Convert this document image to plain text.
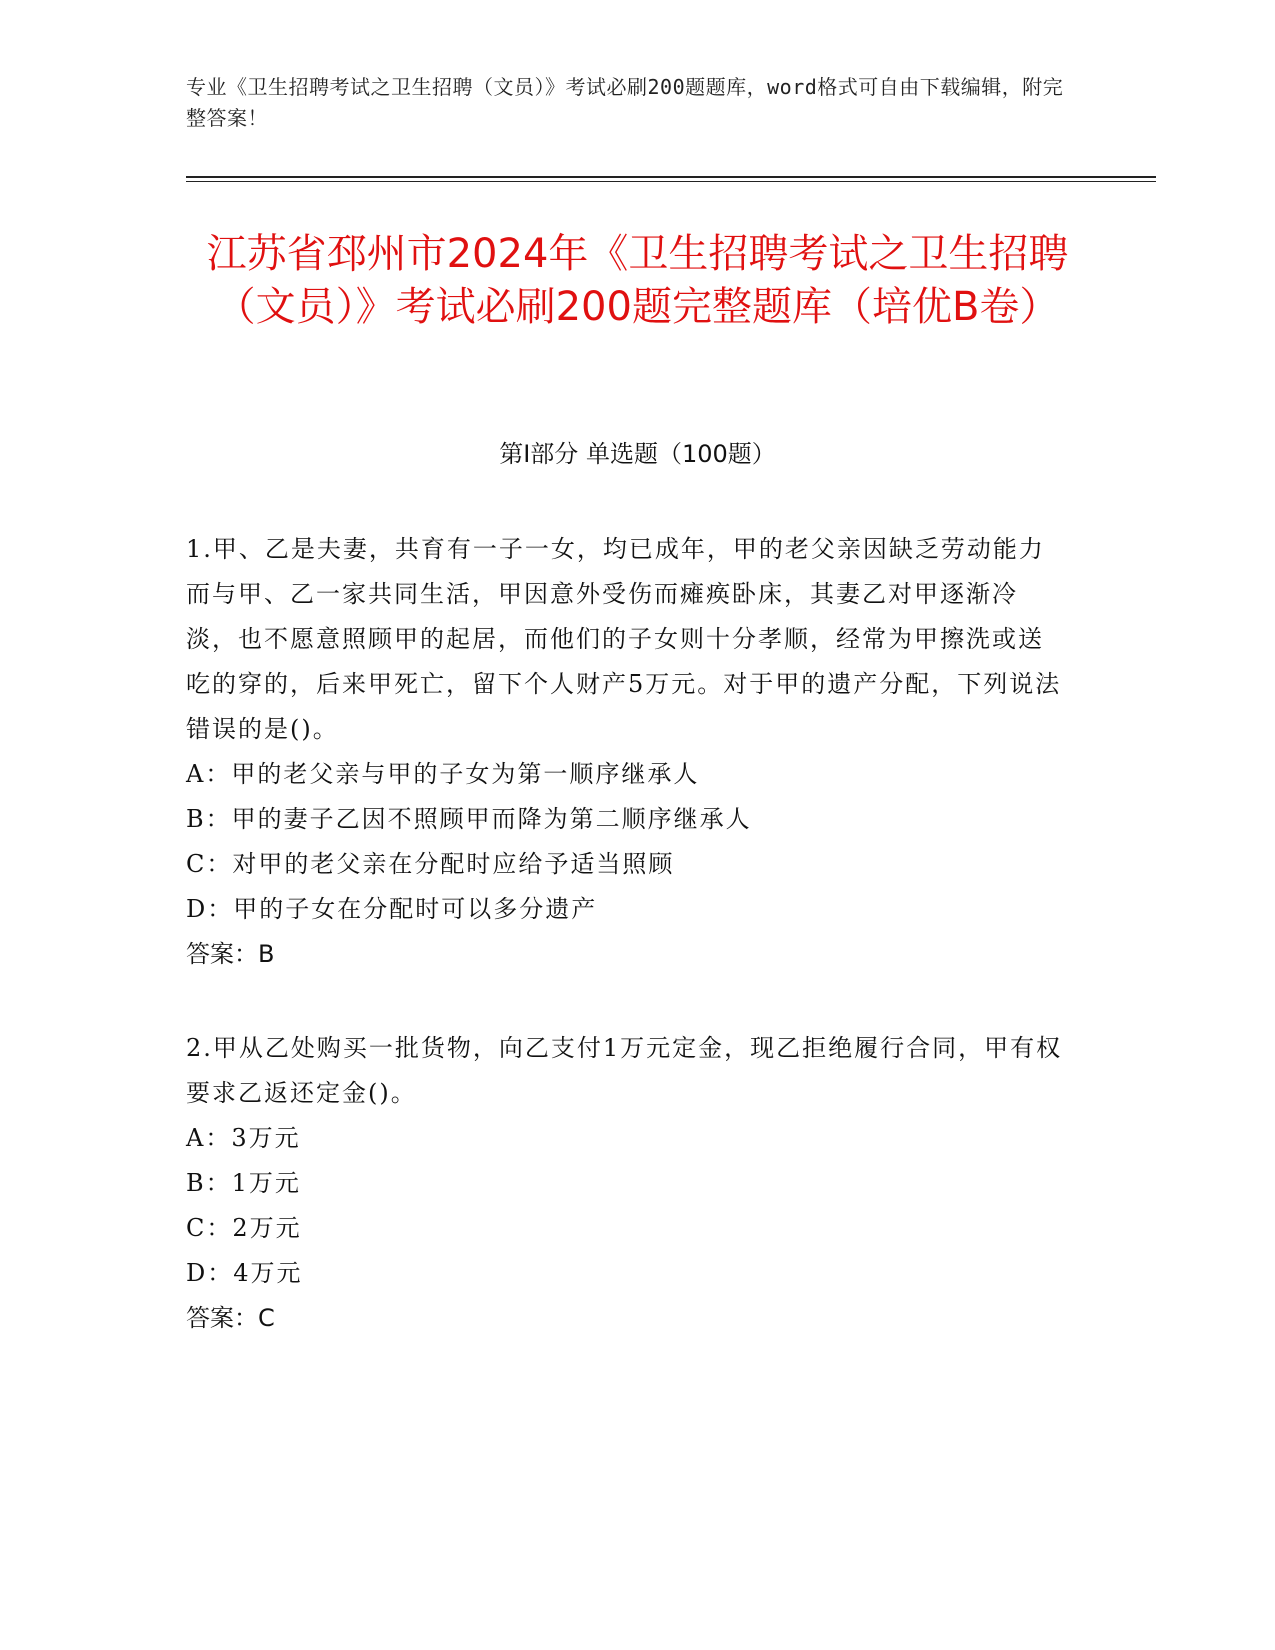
专业《卫生招聘考试之卫生招聘（文员）》考试必刷200题题库，word格式可自由下载编辑，附完整答案！
江苏省邳州市2024年《卫生招聘考试之卫生招聘（文员）》考试必刷200题完整题库（培优B卷）
第Ⅰ部分 单选题（100题）
1.甲、乙是夫妻，共育有一子一女，均已成年，甲的老父亲因缺乏劳动能力而与甲、乙一家共同生活，甲因意外受伤而瘫痪卧床，其妻乙对甲逐渐冷淡，也不愿意照顾甲的起居，而他们的子女则十分孝顺，经常为甲擦洗或送吃的穿的，后来甲死亡，留下个人财产5万元。对于甲的遗产分配，下列说法错误的是()。
A：甲的老父亲与甲的子女为第一顺序继承人
B：甲的妻子乙因不照顾甲而降为第二顺序继承人
C：对甲的老父亲在分配时应给予适当照顾
D：甲的子女在分配时可以多分遗产
答案：B
2.甲从乙处购买一批货物，向乙支付1万元定金，现乙拒绝履行合同，甲有权要求乙返还定金()。
A：3万元
B：1万元
C：2万元
D：4万元
答案：C
